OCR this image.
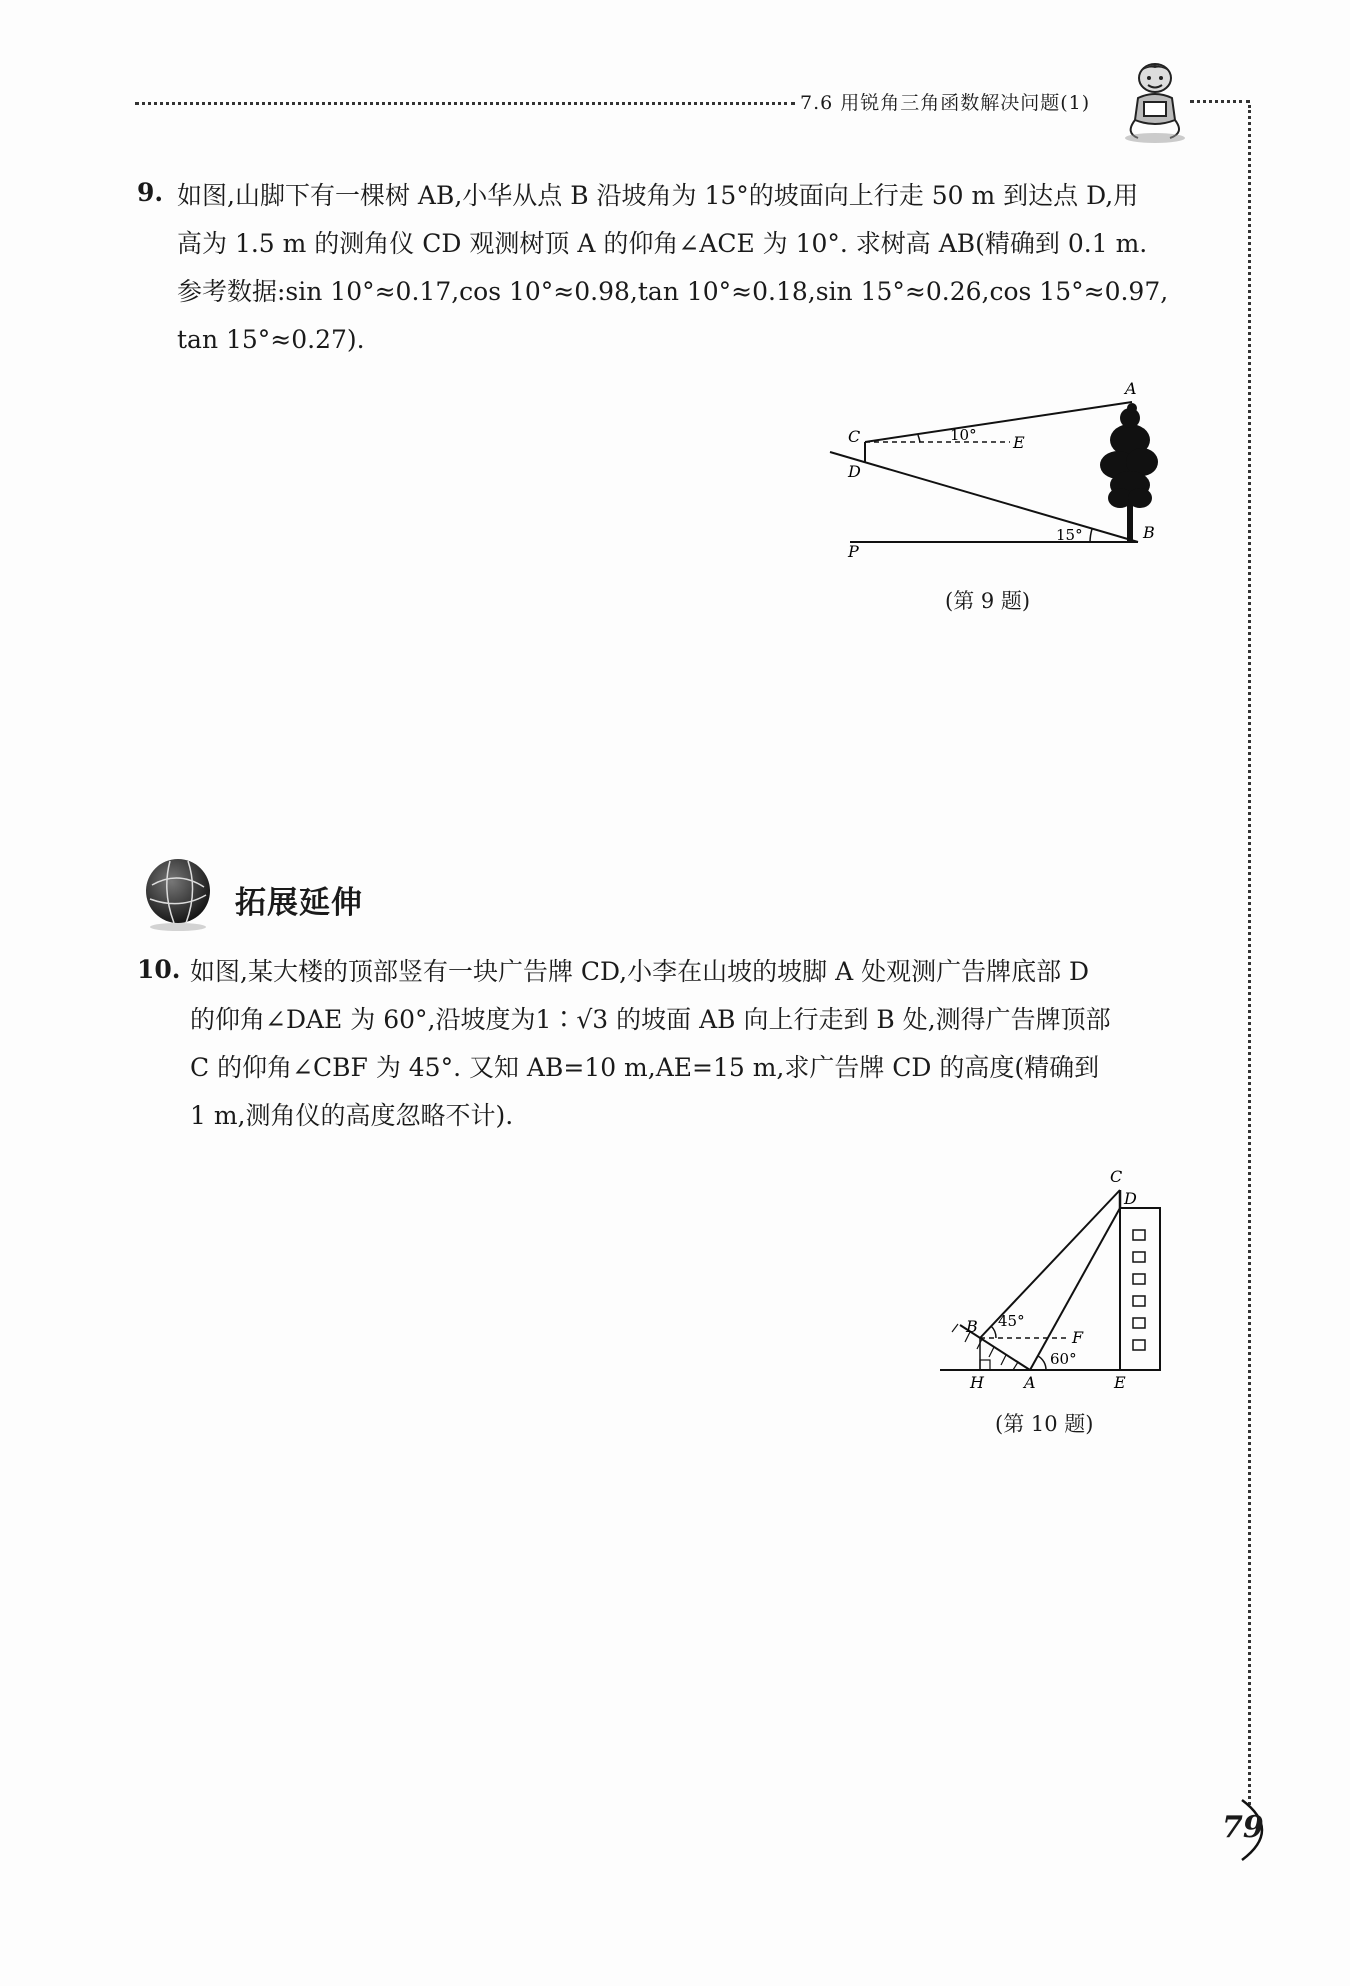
7.6 用锐角三角函数解决问题(1)
9. 如图,山脚下有一棵树 AB,小华从点 B 沿坡角为 15°的坡面向上行走 50 m 到达点 D,用
高为 1.5 m 的测角仪 CD 观测树顶 A 的仰角∠ACE 为 10°. 求树高 AB(精确到 0.1 m.
参考数据:sin 10°≈0.17,cos 10°≈0.98,tan 10°≈0.18,sin 15°≈0.26,cos 15°≈0.97,
tan 15°≈0.27).
A
B
C
D
E
P
10°
15°
(第 9 题)
拓展延伸
10. 如图,某大楼的顶部竖有一块广告牌 CD,小李在山坡的坡脚 A 处观测广告牌底部 D
的仰角∠DAE 为 60°,沿坡度为1∶√3 的坡面 AB 向上行走到 B 处,测得广告牌顶部
C 的仰角∠CBF 为 45°. 又知 AB=10 m,AE=15 m,求广告牌 CD 的高度(精确到
1 m,测角仪的高度忽略不计).
C
D
B
F
H	A	E
45°
60°
(第 10 题)
79
